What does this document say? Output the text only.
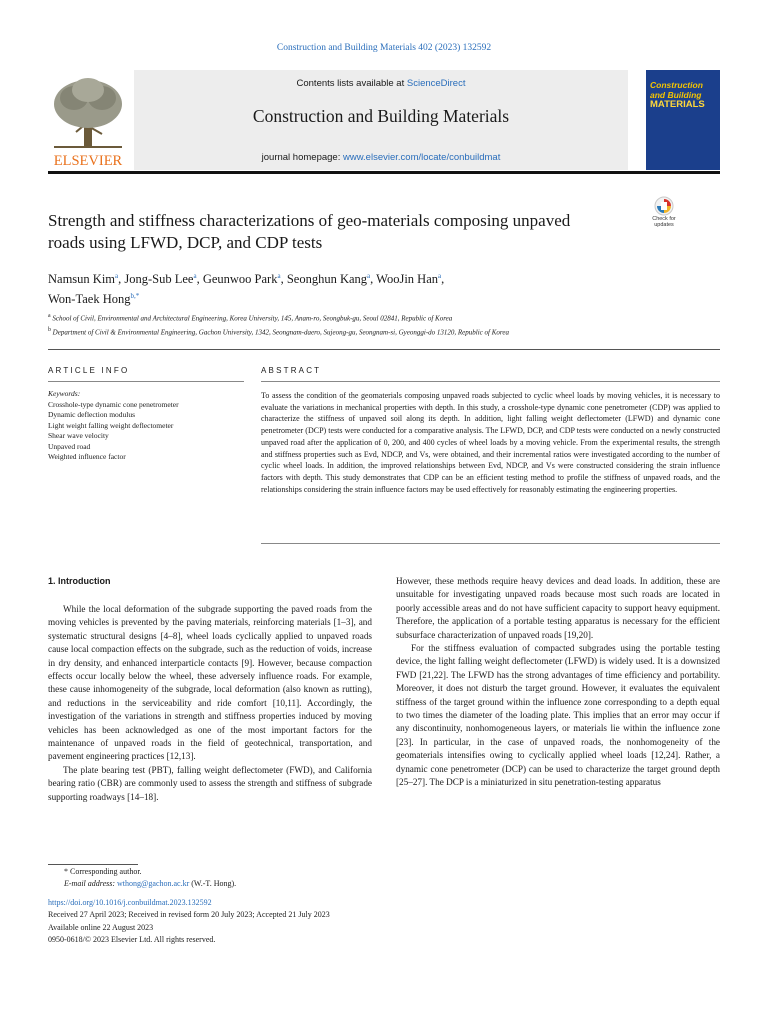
Construction and Building Materials 402 (2023) 132592
ELSEVIER
Contents lists available at ScienceDirect
Construction and Building Materials
journal homepage: www.elsevier.com/locate/conbuildmat
Construction
and Building
MATERIALS
Strength and stiffness characterizations of geo-materials composing unpaved roads using LFWD, DCP, and CDP tests
Check for updates
Namsun Kim$^a$, Jong-Sub Lee$^a$, Geunwoo Park$^a$, Seonghun Kang$^a$, WooJin Han$^a$,
Won-Taek Hong$^{b,*}$
$^a$ School of Civil, Environmental and Architectural Engineering, Korea University, 145, Anam-ro, Seongbuk-gu, Seoul 02841, Republic of Korea
$^b$ Department of Civil & Environmental Engineering, Gachon University, 1342, Seongnam-daero, Sujeong-gu, Seongnam-si, Gyeonggi-do 13120, Republic of Korea
ARTICLE INFO
Keywords:
Crosshole-type dynamic cone penetrometer
Dynamic deflection modulus
Light weight falling weight deflectometer
Shear wave velocity
Unpaved road
Weighted influence factor
ABSTRACT
To assess the condition of the geomaterials composing unpaved roads subjected to cyclic wheel loads by moving vehicles, it is necessary to evaluate the variations in mechanical properties with depth. In this study, a crosshole-type dynamic cone penetrometer (CDP) was applied to characterize the stiffness of unpaved soil along its depth. In addition, light falling weight deflectometer (LFWD) and dynamic cone penetrometer (DCP) tests were conducted for a comparative analysis. The LFWD, DCP, and CDP tests were conducted on a newly constructed unpaved road after the application of 0, 200, and 400 cycles of wheel loads by a moving vehicle. From the experimental results, the strength and stiffness properties such as Evd, NDCP, and Vs, were obtained, and their incremental ratios were investigated according to the number of cyclic wheel loads. In addition, the improved relationships between Evd, NDCP, and Vs were constructed considering the strain influence factors with depth. This study demonstrates that CDP can be an efficient testing method to profile the stiffness of unpaved roads, and the relationships considering the strain influence factors may be used effectively for reasonably estimating the engineering properties.
1. Introduction

While the local deformation of the subgrade supporting the paved roads from the moving vehicles is prevented by the paving materials, reinforcing materials [1–3], and systematic structural designs [4–8], wheel loads cyclically applied to unpaved roads cause local compaction effects on the subgrade, such as the reduction of voids, increase in dry density, and enhanced interparticle contacts [9]. However, because compaction effects occur locally below the wheel, these adversely influence roads. For example, these cause inhomogeneity of the subgrade, local deformation (also known as rutting), and reductions in the serviceability and ride comfort [10,11]. Accordingly, the investigation of the variations in strength and stiffness properties induced by moving vehicles has been acknowledged as one of the most important factors for the maintenance of unpaved roads in the field of geotechnical, transportation, and pavement engineering practices [12,13].

The plate bearing test (PBT), falling weight deflectometer (FWD), and California bearing ratio (CBR) are commonly used to assess the strength and stiffness of subgrade supporting roadways [14–18].

However, these methods require heavy devices and dead loads. In addition, these are unsuitable for investigating unpaved roads because most such roads are located in poorly accessible areas and do not have sufficient capacity to support heavy equipment. Therefore, the application of a portable testing apparatus is necessary for the efficient subsurface characterization of unpaved roads [19,20].

For the stiffness evaluation of compacted subgrades using the portable testing device, the light falling weight deflectometer (LFWD) is widely used. It is a downsized FWD [21,22]. The LFWD has the strong advantages of time efficiency and portability. Moreover, it does not disturb the target ground. However, it evaluates the equivalent stiffness of the target ground within the influence zone corresponding to a depth equal to two times the diameter of the loading plate. This implies that an error may occur if any discontinuity, nonhomogeneous layers, or materials lie within the influence zone [23]. In particular, in the case of unpaved roads, the nonhomogeneity of the geomaterials intensifies owing to cyclically applied wheel loads [12,24]. Rather, a dynamic cone penetrometer (DCP) can be used to characterize the target ground depth [25–27]. The DCP is a miniaturized in situ penetration-testing apparatus

* Corresponding author.
E-mail address: wthong@gachon.ac.kr (W.-T. Hong).
https://doi.org/10.1016/j.conbuildmat.2023.132592
Received 27 April 2023; Received in revised form 20 July 2023; Accepted 21 July 2023
Available online 22 August 2023
0950-0618/© 2023 Elsevier Ltd. All rights reserved.
